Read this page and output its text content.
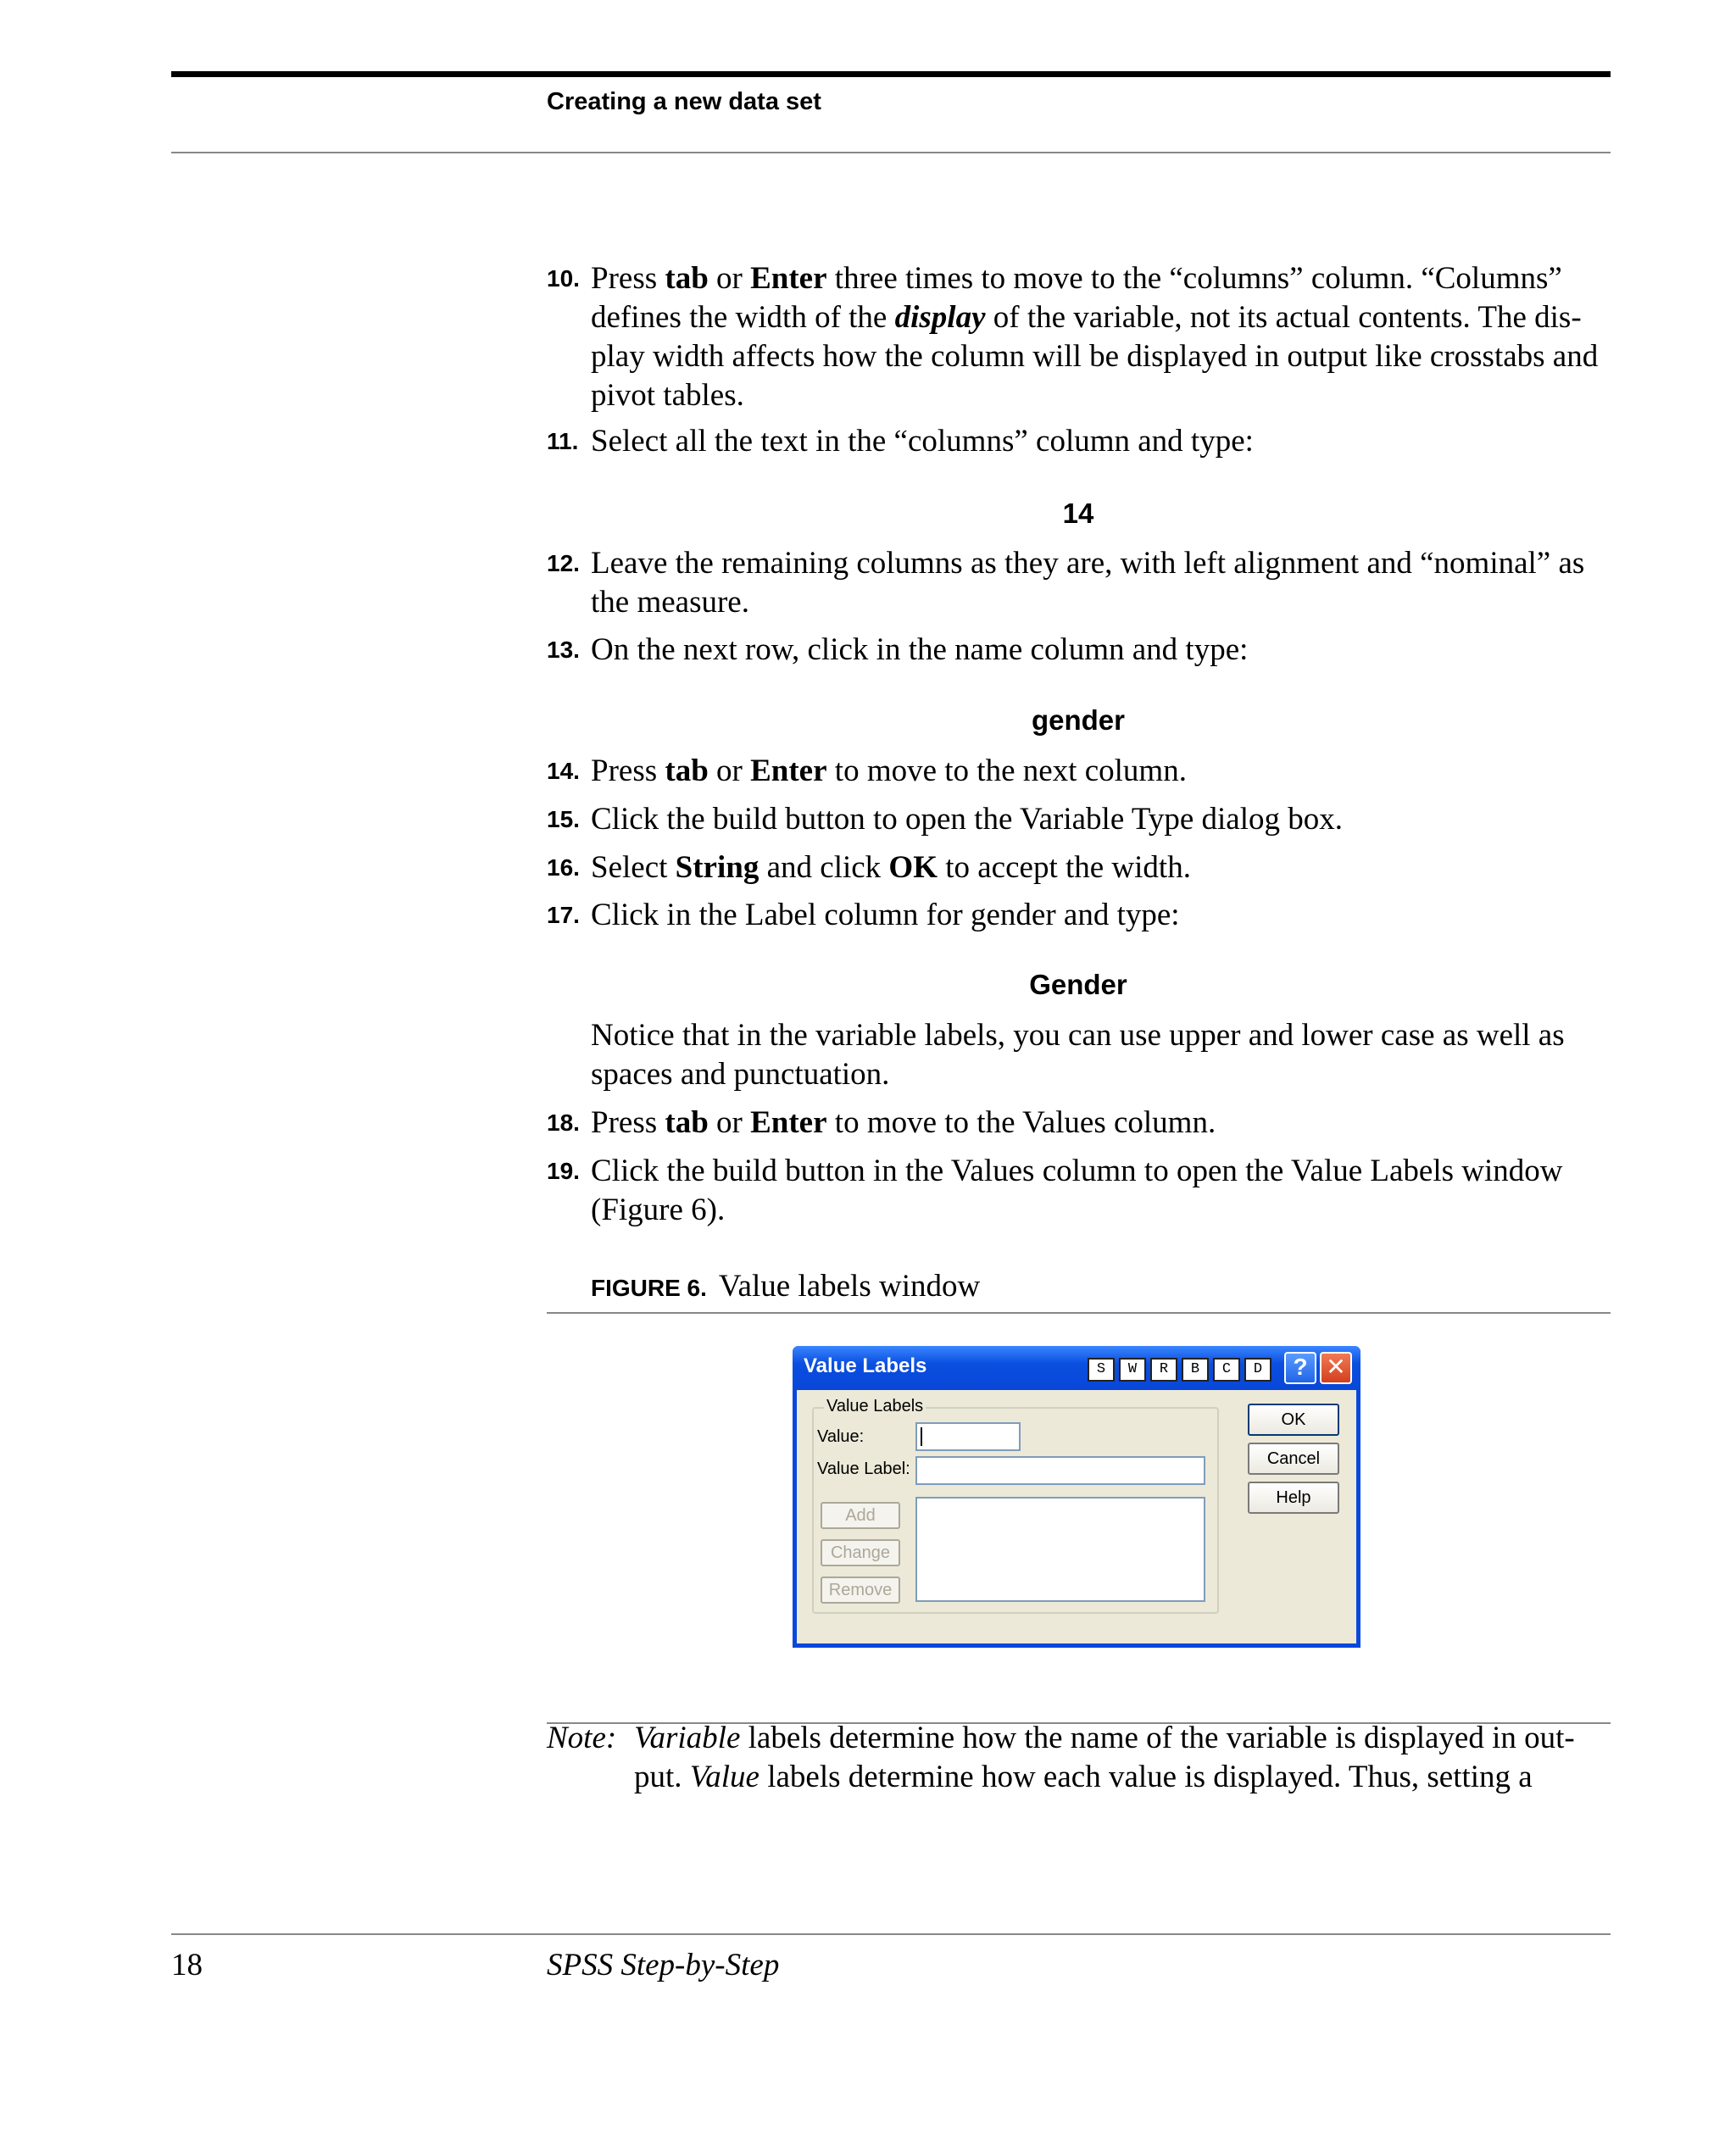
Creating a new data set
10. Press tab or Enter three times to move to the “columns” column. “Columns” defines the width of the display of the variable, not its actual contents. The dis-play width affects how the column will be displayed in output like crosstabs and pivot tables.
11. Select all the text in the “columns” column and type:
14
12. Leave the remaining columns as they are, with left alignment and “nominal” as the measure.
13. On the next row, click in the name column and type:
gender
14. Press tab or Enter to move to the next column.
15. Click the build button to open the Variable Type dialog box.
16. Select String and click OK to accept the width.
17. Click in the Label column for gender and type:
Gender
Notice that in the variable labels, you can use upper and lower case as well as spaces and punctuation.
18. Press tab or Enter to move to the Values column.
19. Click the build button in the Values column to open the Value Labels window (Figure 6).
FIGURE 6. Value labels window
Value Labels	S	W	R	B	C	D	? ✕
Value Labels
Value:
Value Label:
Add
Change
Remove
OK
Cancel
Help
Note: Variable labels determine how the name of the variable is displayed in out-put. Value labels determine how each value is displayed. Thus, setting a
18	SPSS Step-by-Step
